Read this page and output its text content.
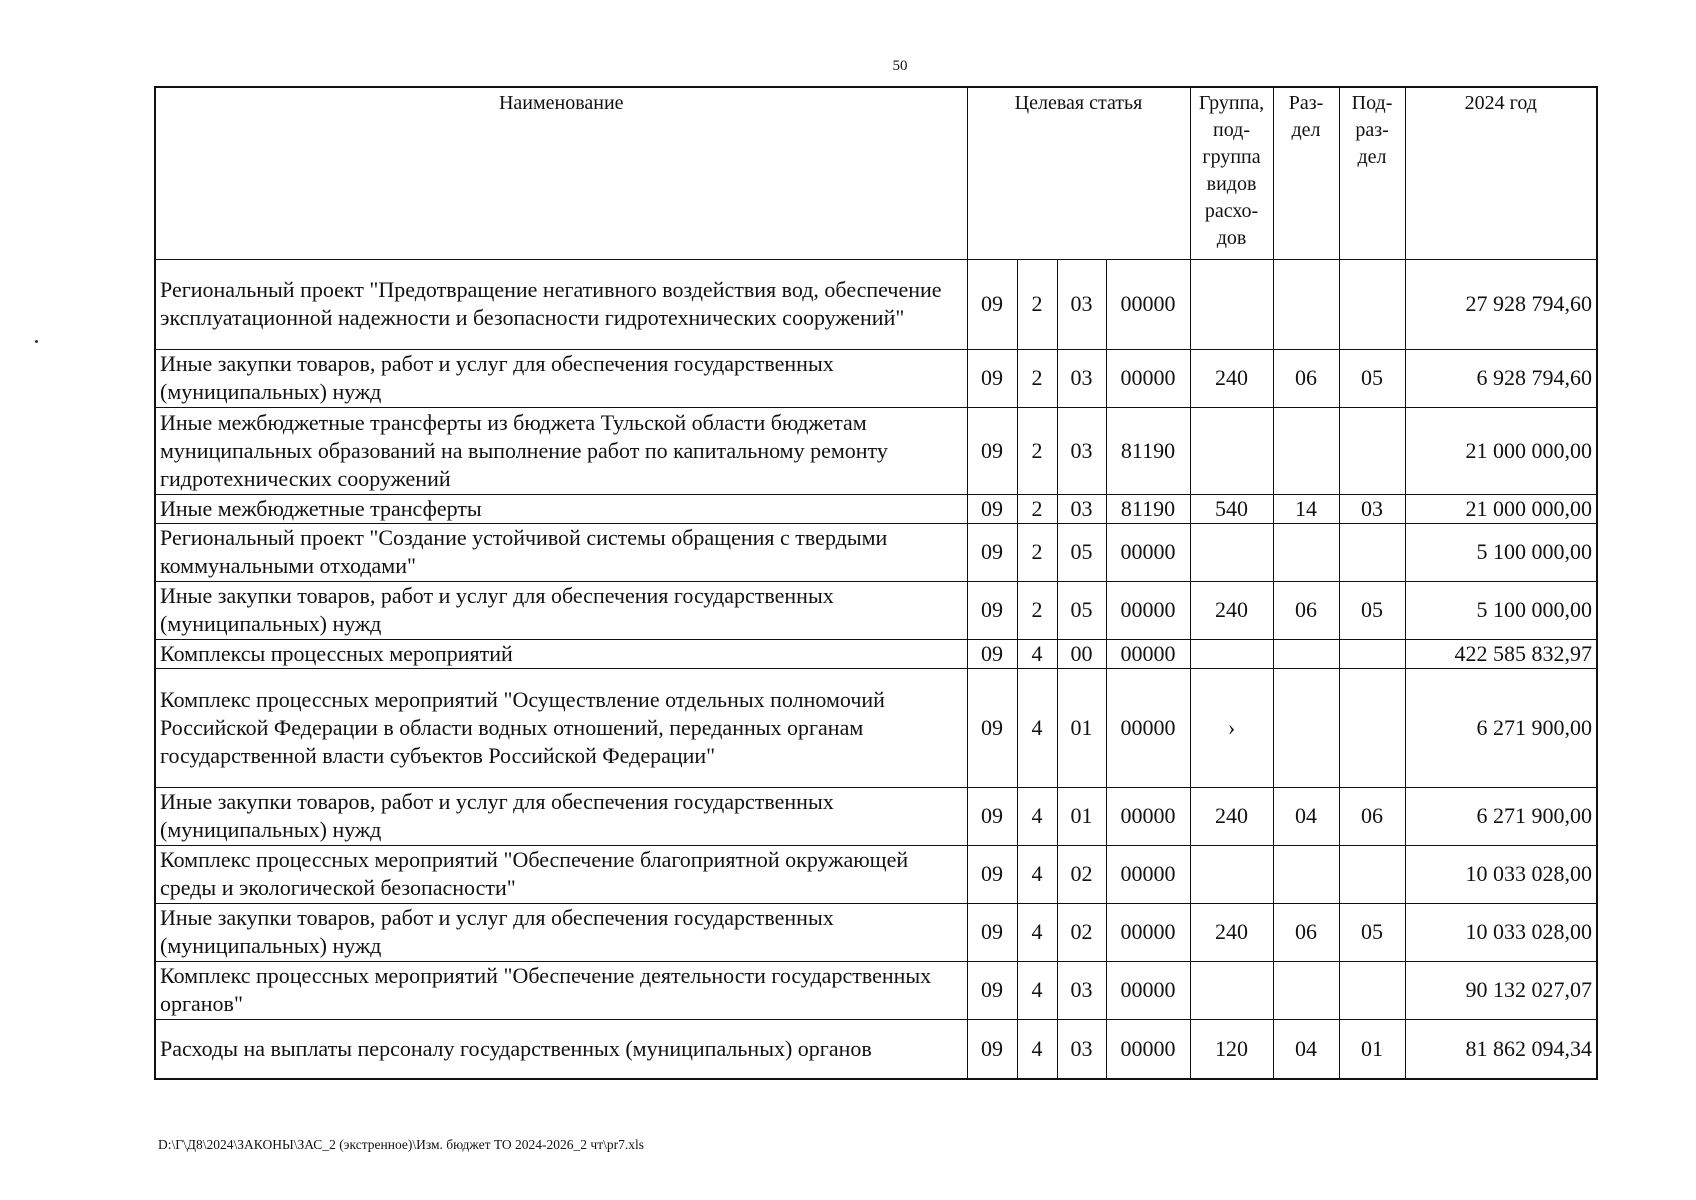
50
Наименование	Целевая статья				Группа, под- группа видов расхо- дов	Раз- дел	Под- раз- дел	2024 год
Региональный проект "Предотвращение негативного воздействия вод, обеспечение эксплуатационной надежности и безопасности гидротехнических сооружений"	09	2	03	00000				27 928 794,60
Иные закупки товаров, работ и услуг для обеспечения государственных (муниципальных) нужд	09	2	03	00000	240	06	05	6 928 794,60
Иные межбюджетные трансферты из бюджета Тульской области бюджетам муниципальных образований на выполнение работ по капитальному ремонту гидротехнических сооружений	09	2	03	81190				21 000 000,00
Иные межбюджетные трансферты	09	2	03	81190	540	14	03	21 000 000,00
Региональный проект "Создание устойчивой системы обращения с твердыми коммунальными отходами"	09	2	05	00000				5 100 000,00
Иные закупки товаров, работ и услуг для обеспечения государственных (муниципальных) нужд	09	2	05	00000	240	06	05	5 100 000,00
Комплексы процессных мероприятий	09	4	00	00000				422 585 832,97
Комплекс процессных мероприятий "Осуществление отдельных полномочий Российской Федерации в области водных отношений, переданных органам государственной власти субъектов Российской Федерации"	09	4	01	00000	›			6 271 900,00
Иные закупки товаров, работ и услуг для обеспечения государственных (муниципальных) нужд	09	4	01	00000	240	04	06	6 271 900,00
Комплекс процессных мероприятий "Обеспечение благоприятной окружающей среды и экологической безопасности"	09	4	02	00000				10 033 028,00
Иные закупки товаров, работ и услуг для обеспечения государственных (муниципальных) нужд	09	4	02	00000	240	06	05	10 033 028,00
Комплекс процессных мероприятий "Обеспечение деятельности государственных органов"	09	4	03	00000				90 132 027,07
Расходы на выплаты персоналу государственных (муниципальных) органов	09	4	03	00000	120	04	01	81 862 094,34
D:\Г\Д8\2024\ЗАКОНЫ\ЗАС_2 (экстренное)\Изм. бюджет ТО 2024-2026_2 чт\pr7.xls
